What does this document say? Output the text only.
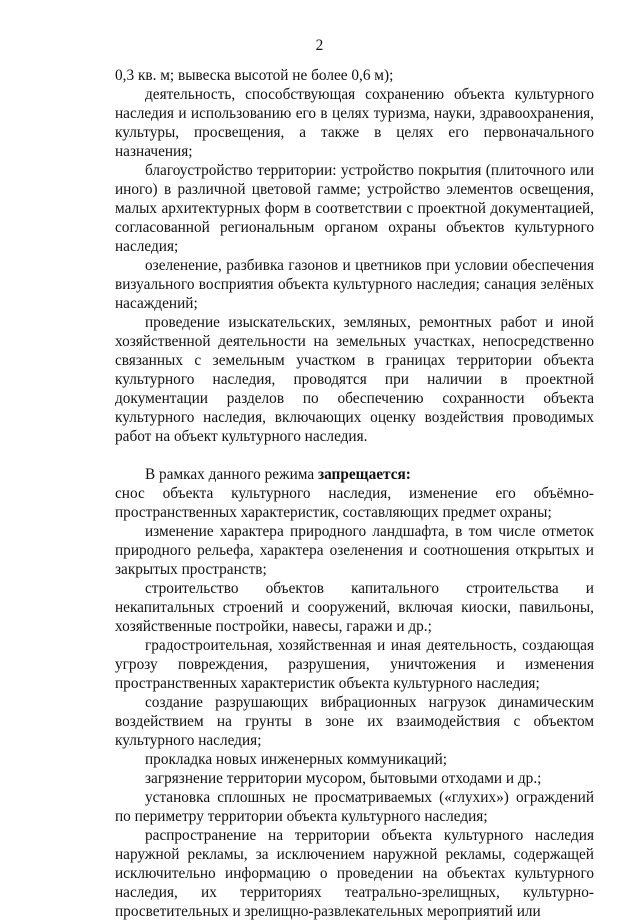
2

0,3 кв. м; вывеска высотой не более 0,6 м);

деятельность, способствующая сохранению объекта культурного наследия и использованию его в целях туризма, науки, здравоохранения, культуры, просвещения, а также в целях его первоначального назначения;

благоустройство территории: устройство покрытия (плиточного или иного) в различной цветовой гамме; устройство элементов освещения, малых архитектурных форм в соответствии с проектной документацией, согласованной региональным органом охраны объектов культурного наследия;

озеленение, разбивка газонов и цветников при условии обеспечения визуального восприятия объекта культурного наследия; санация зелёных насаждений;

проведение изыскательских, земляных, ремонтных работ и иной хозяйственной деятельности на земельных участках, непосредственно связанных с земельным участком в границах территории объекта культурного наследия, проводятся при наличии в проектной документации разделов по обеспечению сохранности объекта культурного наследия, включающих оценку воздействия проводимых работ на объект культурного наследия.

В рамках данного режима запрещается:

снос объекта культурного наследия, изменение его объёмно-пространственных характеристик, составляющих предмет охраны;

изменение характера природного ландшафта, в том числе отметок природного рельефа, характера озеленения и соотношения открытых и закрытых пространств;

строительство объектов капитального строительства и некапитальных строений и сооружений, включая киоски, павильоны, хозяйственные постройки, навесы, гаражи и др.;

градостроительная, хозяйственная и иная деятельность, создающая угрозу повреждения, разрушения, уничтожения и изменения пространственных характеристик объекта культурного наследия;

создание разрушающих вибрационных нагрузок динамическим воздействием на грунты в зоне их взаимодействия с объектом культурного наследия;

прокладка новых инженерных коммуникаций;

загрязнение территории мусором, бытовыми отходами и др.;

установка сплошных не просматриваемых («глухих») ограждений по периметру территории объекта культурного наследия;

распространение на территории объекта культурного наследия наружной рекламы, за исключением наружной рекламы, содержащей исключительно информацию о проведении на объектах культурного наследия, их территориях театрально-зрелищных, культурно-просветительных и зрелищно-развлекательных мероприятий или
